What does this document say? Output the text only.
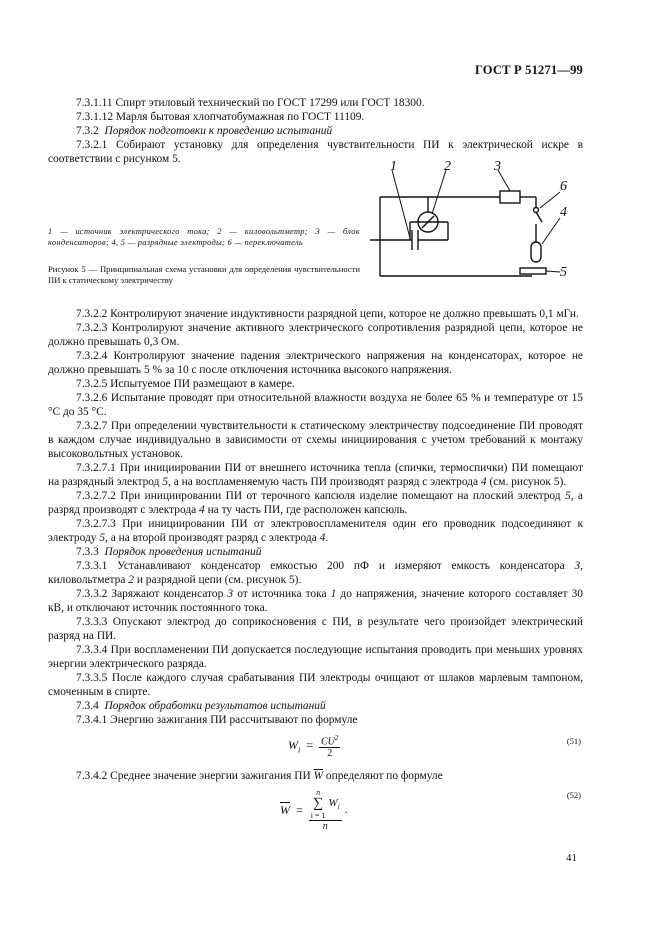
ГОСТ Р 51271—99

7.3.1.11 Спирт этиловый технический по ГОСТ 17299 или ГОСТ 18300.

7.3.1.12 Марля бытовая хлопчатобумажная по ГОСТ 11109.

7.3.2 Порядок подготовки к проведению испытаний

7.3.2.1 Собирают установку для определения чувствительности ПИ к электрической искре в соответствии с рисунком 5.

1 — источник электрического тока; 2 — киловольтметр; 3 — блок конденсаторов; 4, 5 — разрядные электроды; 6 — переключатель

Рисунок 5 — Принципиальная схема установки для определения чувствительности ПИ к статическому электричеству

1	2	3
6
4
5

7.3.2.2 Контролируют значение индуктивности разрядной цепи, которое не должно превышать 0,1 мГн.

7.3.2.3 Контролируют значение активного электрического сопротивления разрядной цепи, которое не должно превышать 0,3 Ом.

7.3.2.4 Контролируют значение падения электрического напряжения на конденсаторах, которое не должно превышать 5 % за 10 с после отключения источника высокого напряжения.

7.3.2.5 Испытуемое ПИ размещают в камере.

7.3.2.6 Испытание проводят при относительной влажности воздуха не более 65 % и температуре от 15 °С до 35 °С.

7.3.2.7 При определении чувствительности к статическому электричеству подсоединение ПИ проводят в каждом случае индивидуально в зависимости от схемы инициирования с учетом требований к монтажу высоковольтных установок.

7.3.2.7.1 При инициировании ПИ от внешнего источника тепла (спички, термоспички) ПИ помещают на разрядный электрод 5, а на воспламеняемую часть ПИ производят разряд с электрода 4 (см. рисунок 5).

7.3.2.7.2 При инициировании ПИ от терочного капсюля изделие помещают на плоский электрод 5, а разряд производят с электрода 4 на ту часть ПИ, где расположен капсюль.

7.3.2.7.3 При инициировании ПИ от электровоспламенителя один его проводник подсоединяют к электроду 5, а на второй производят разряд с электрода 4.

7.3.3 Порядок проведения испытаний

7.3.3.1 Устанавливают конденсатор емкостью 200 пФ и измеряют емкость конденсатора 3, киловольтметра 2 и разрядной цепи (см. рисунок 5).

7.3.3.2 Заряжают конденсатор 3 от источника тока 1 до напряжения, значение которого составляет 30 кВ, и отключают источник постоянного тока.

7.3.3.3 Опускают электрод до соприкосновения с ПИ, в результате чего произойдет электрический разряд на ПИ.

7.3.3.4 При воспламенении ПИ допускается последующие испытания проводить при меньших уровнях энергии электрического разряда.

7.3.3.5 После каждого случая срабатывания ПИ электроды очищают от шлаков марлевым тампоном, смоченным в спирте.

7.3.4 Порядок обработки результатов испытаний

7.3.4.1 Энергию зажигания ПИ рассчитывают по формуле

$W_i = \frac{CU^2}{2}$	(51)

7.3.4.2 Среднее значение энергии зажигания ПИ $\overline{W}$ определяют по формуле

$\overline{W}$ =
n
∑
i = 1
$W_i$
n
.
(52)
41
